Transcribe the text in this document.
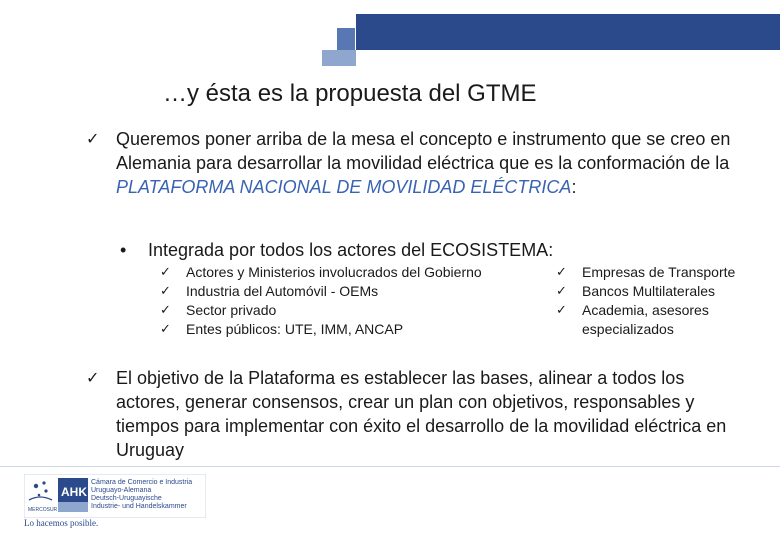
…y ésta es la propuesta del GTME
✓ Queremos poner arriba de la mesa el concepto e instrumento que se creo en Alemania para desarrollar la movilidad eléctrica que es la conformación de la PLATAFORMA NACIONAL DE MOVILIDAD ELÉCTRICA:
• Integrada por todos los actores del ECOSISTEMA:
✓ Actores y Ministerios involucrados del Gobierno
✓ Industria del Automóvil - OEMs
✓ Sector privado
✓ Entes públicos: UTE, IMM, ANCAP
✓ Empresas de Transporte
✓ Bancos Multilaterales
✓ Academia, asesores especializados
✓ El objetivo de la Plataforma es establecer las bases, alinear a todos los actores, generar consensos, crear un plan con objetivos, responsables y tiempos para implementar con éxito el desarrollo de la movilidad eléctrica en Uruguay
MERCOSUR
AHK
Cámara de Comercio e Industria
Uruguayo-Alemana
Deutsch-Uruguayische
Industrie- und Handelskammer
Lo hacemos posible.
